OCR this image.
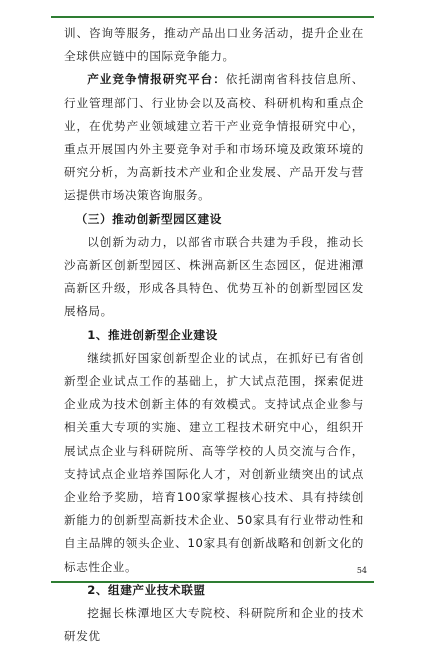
训、咨询等服务，推动产品出口业务活动，提升企业在全球供应链中的国际竞争能力。

产业竞争情报研究平台：依托湖南省科技信息所、行业管理部门、行业协会以及高校、科研机构和重点企业，在优势产业领域建立若干产业竞争情报研究中心，重点开展国内外主要竞争对手和市场环境及政策环境的研究分析，为高新技术产业和企业发展、产品开发与营运提供市场决策咨询服务。

（三）推动创新型园区建设

以创新为动力，以部省市联合共建为手段，推动长沙高新区创新型园区、株洲高新区生态园区，促进湘潭高新区升级，形成各具特色、优势互补的创新型园区发展格局。

1、推进创新型企业建设

继续抓好国家创新型企业的试点，在抓好已有省创新型企业试点工作的基础上，扩大试点范围，探索促进企业成为技术创新主体的有效模式。支持试点企业参与相关重大专项的实施、建立工程技术研究中心，组织开展试点企业与科研院所、高等学校的人员交流与合作，支持试点企业培养国际化人才，对创新业绩突出的试点企业给予奖励，培育100家掌握核心技术、具有持续创新能力的创新型高新技术企业、50家具有行业带动性和自主品牌的领头企业、10家具有创新战略和创新文化的标志性企业。

2、组建产业技术联盟

挖掘长株潭地区大专院校、科研院所和企业的技术研发优

54
